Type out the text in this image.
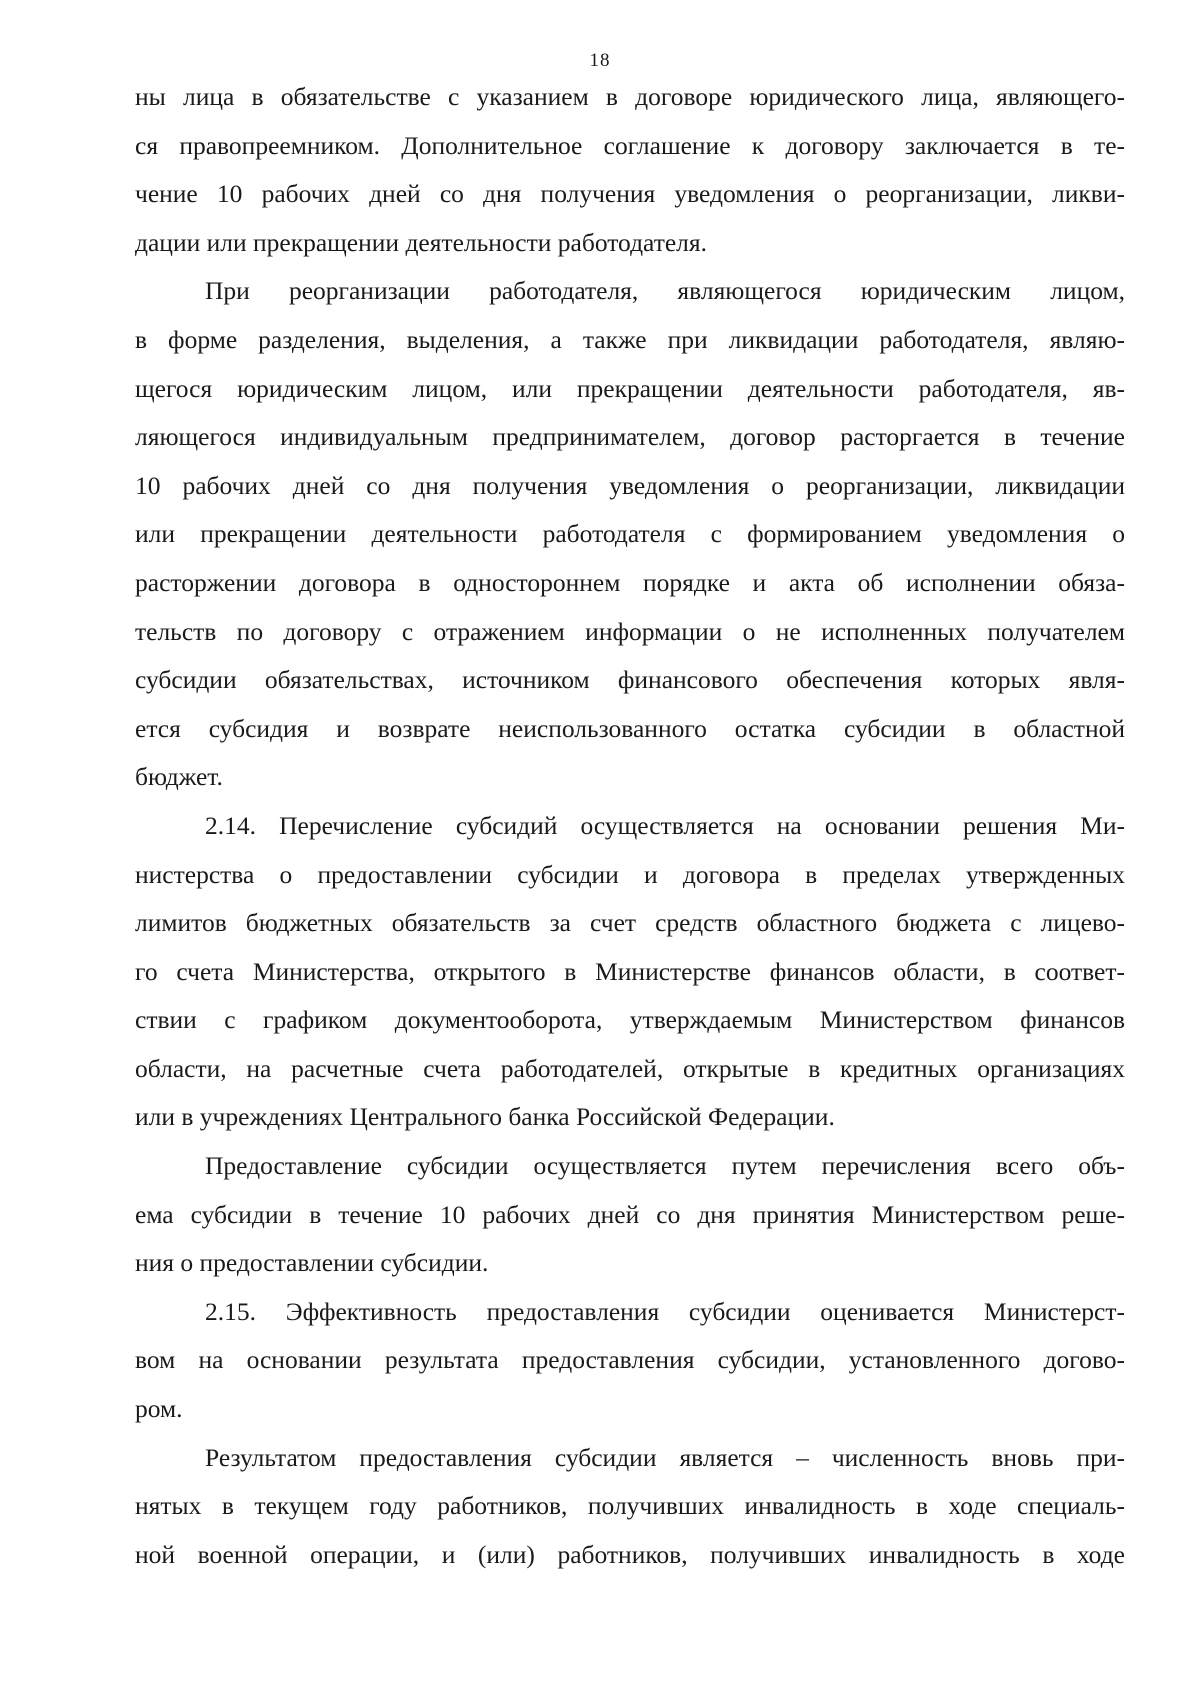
18
ны лица в обязательстве с указанием в договоре юридического лица, являющего-
ся правопреемником. Дополнительное соглашение к договору заключается в те-
чение 10 рабочих дней со дня получения уведомления о реорганизации, ликви-
дации или прекращении деятельности работодателя.
При реорганизации работодателя, являющегося юридическим лицом,
в форме разделения, выделения, а также при ликвидации работодателя, являю-
щегося юридическим лицом, или прекращении деятельности работодателя, яв-
ляющегося индивидуальным предпринимателем, договор расторгается в течение
10 рабочих дней со дня получения уведомления о реорганизации, ликвидации
или прекращении деятельности работодателя с формированием уведомления о
расторжении договора в одностороннем порядке и акта об исполнении обяза-
тельств по договору с отражением информации о не исполненных получателем
субсидии обязательствах, источником финансового обеспечения которых явля-
ется субсидия и возврате неиспользованного остатка субсидии в областной
бюджет.
2.14. Перечисление субсидий осуществляется на основании решения Ми-
нистерства о предоставлении субсидии и договора в пределах утвержденных
лимитов бюджетных обязательств за счет средств областного бюджета с лицево-
го счета Министерства, открытого в Министерстве финансов области, в соответ-
ствии с графиком документооборота, утверждаемым Министерством финансов
области, на расчетные счета работодателей, открытые в кредитных организациях
или в учреждениях Центрального банка Российской Федерации.
Предоставление субсидии осуществляется путем перечисления всего объ-
ема субсидии в течение 10 рабочих дней со дня принятия Министерством реше-
ния о предоставлении субсидии.
2.15. Эффективность предоставления субсидии оценивается Министерст-
вом на основании результата предоставления субсидии, установленного догово-
ром.
Результатом предоставления субсидии является – численность вновь при-
нятых в текущем году работников, получивших инвалидность в ходе специаль-
ной военной операции, и (или) работников, получивших инвалидность в ходе
